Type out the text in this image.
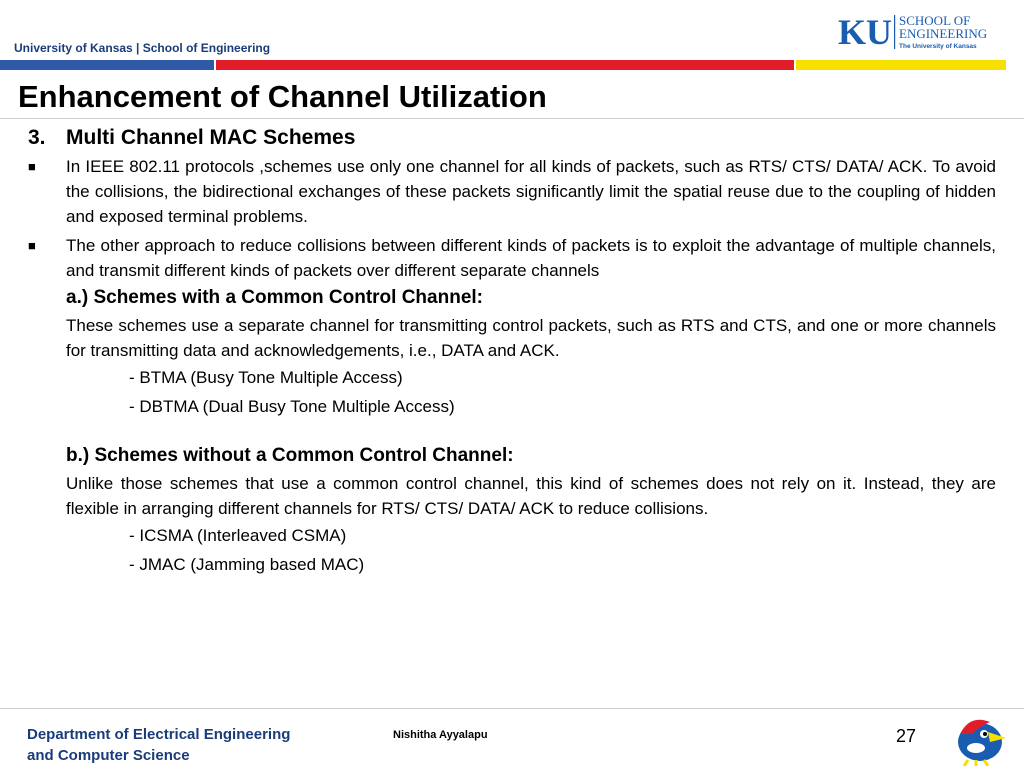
University of Kansas | School of Engineering	KU SCHOOL OF
ENGINEERING
The University of Kansas
Enhancement of Channel Utilization
3. Multi Channel MAC Schemes
■	In IEEE 802.11 protocols ,schemes use only one channel for all kinds of packets, such as RTS/ CTS/ DATA/ ACK. To avoid the collisions, the bidirectional exchanges of these packets significantly limit the spatial reuse due to the coupling of hidden and exposed terminal problems.
■	The other approach to reduce collisions between different kinds of packets is to exploit the advantage of multiple channels, and transmit different kinds of packets over different separate channels
a.) Schemes with a Common Control Channel:
These schemes use a separate channel for transmitting control packets, such as RTS and CTS, and one or more channels for transmitting data and acknowledgements, i.e., DATA and ACK.
- BTMA (Busy Tone Multiple Access)
- DBTMA (Dual Busy Tone Multiple Access)
b.) Schemes without a Common Control Channel:
Unlike those schemes that use a common control channel, this kind of schemes does not rely on it. Instead, they are flexible in arranging different channels for RTS/ CTS/ DATA/ ACK to reduce collisions.
- ICSMA (Interleaved CSMA)
- JMAC (Jamming based MAC)
Department of Electrical Engineering
and Computer Science
Nishitha Ayyalapu	27
